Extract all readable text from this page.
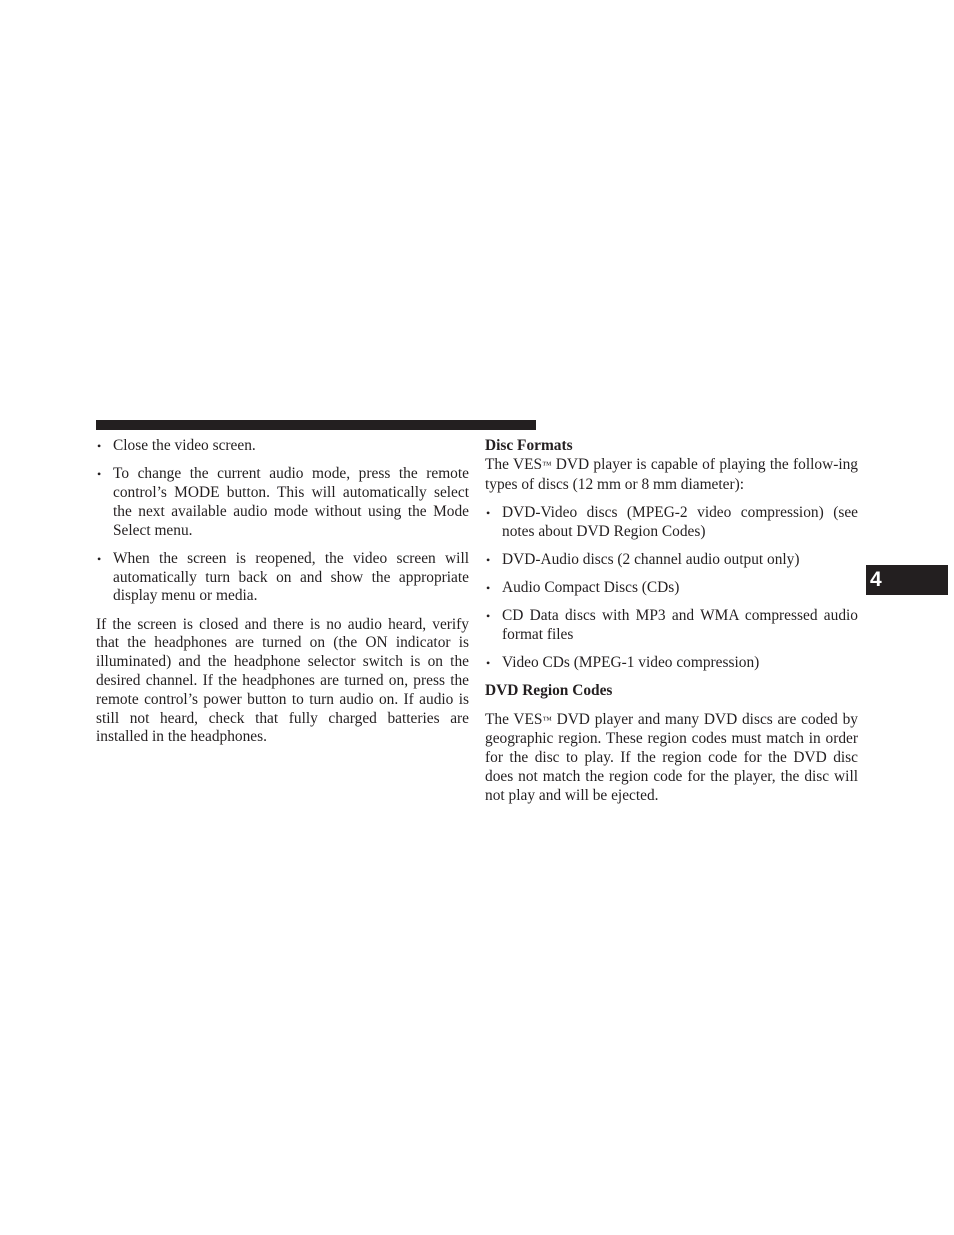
• Close the video screen.
• To change the current audio mode, press the remote control’s MODE button. This will automatically select the next available audio mode without using the Mode Select menu.
• When the screen is reopened, the video screen will automatically turn back on and show the appropriate display menu or media.

If the screen is closed and there is no audio heard, verify that the headphones are turned on (the ON indicator is illuminated) and the headphone selector switch is on the desired channel. If the headphones are turned on, press the remote control’s power button to turn audio on. If audio is still not heard, check that fully charged batteries are installed in the headphones.

Disc Formats

The VES™ DVD player is capable of playing the follow-ing types of discs (12 mm or 8 mm diameter):

• DVD-Video discs (MPEG-2 video compression) (see notes about DVD Region Codes)
• DVD-Audio discs (2 channel audio output only)
• Audio Compact Discs (CDs)
• CD Data discs with MP3 and WMA compressed audio format files
• Video CDs (MPEG-1 video compression)
DVD Region Codes

The VES™ DVD player and many DVD discs are coded by geographic region. These region codes must match in order for the disc to play. If the region code for the DVD disc does not match the region code for the player, the disc will not play and will be ejected.

4
